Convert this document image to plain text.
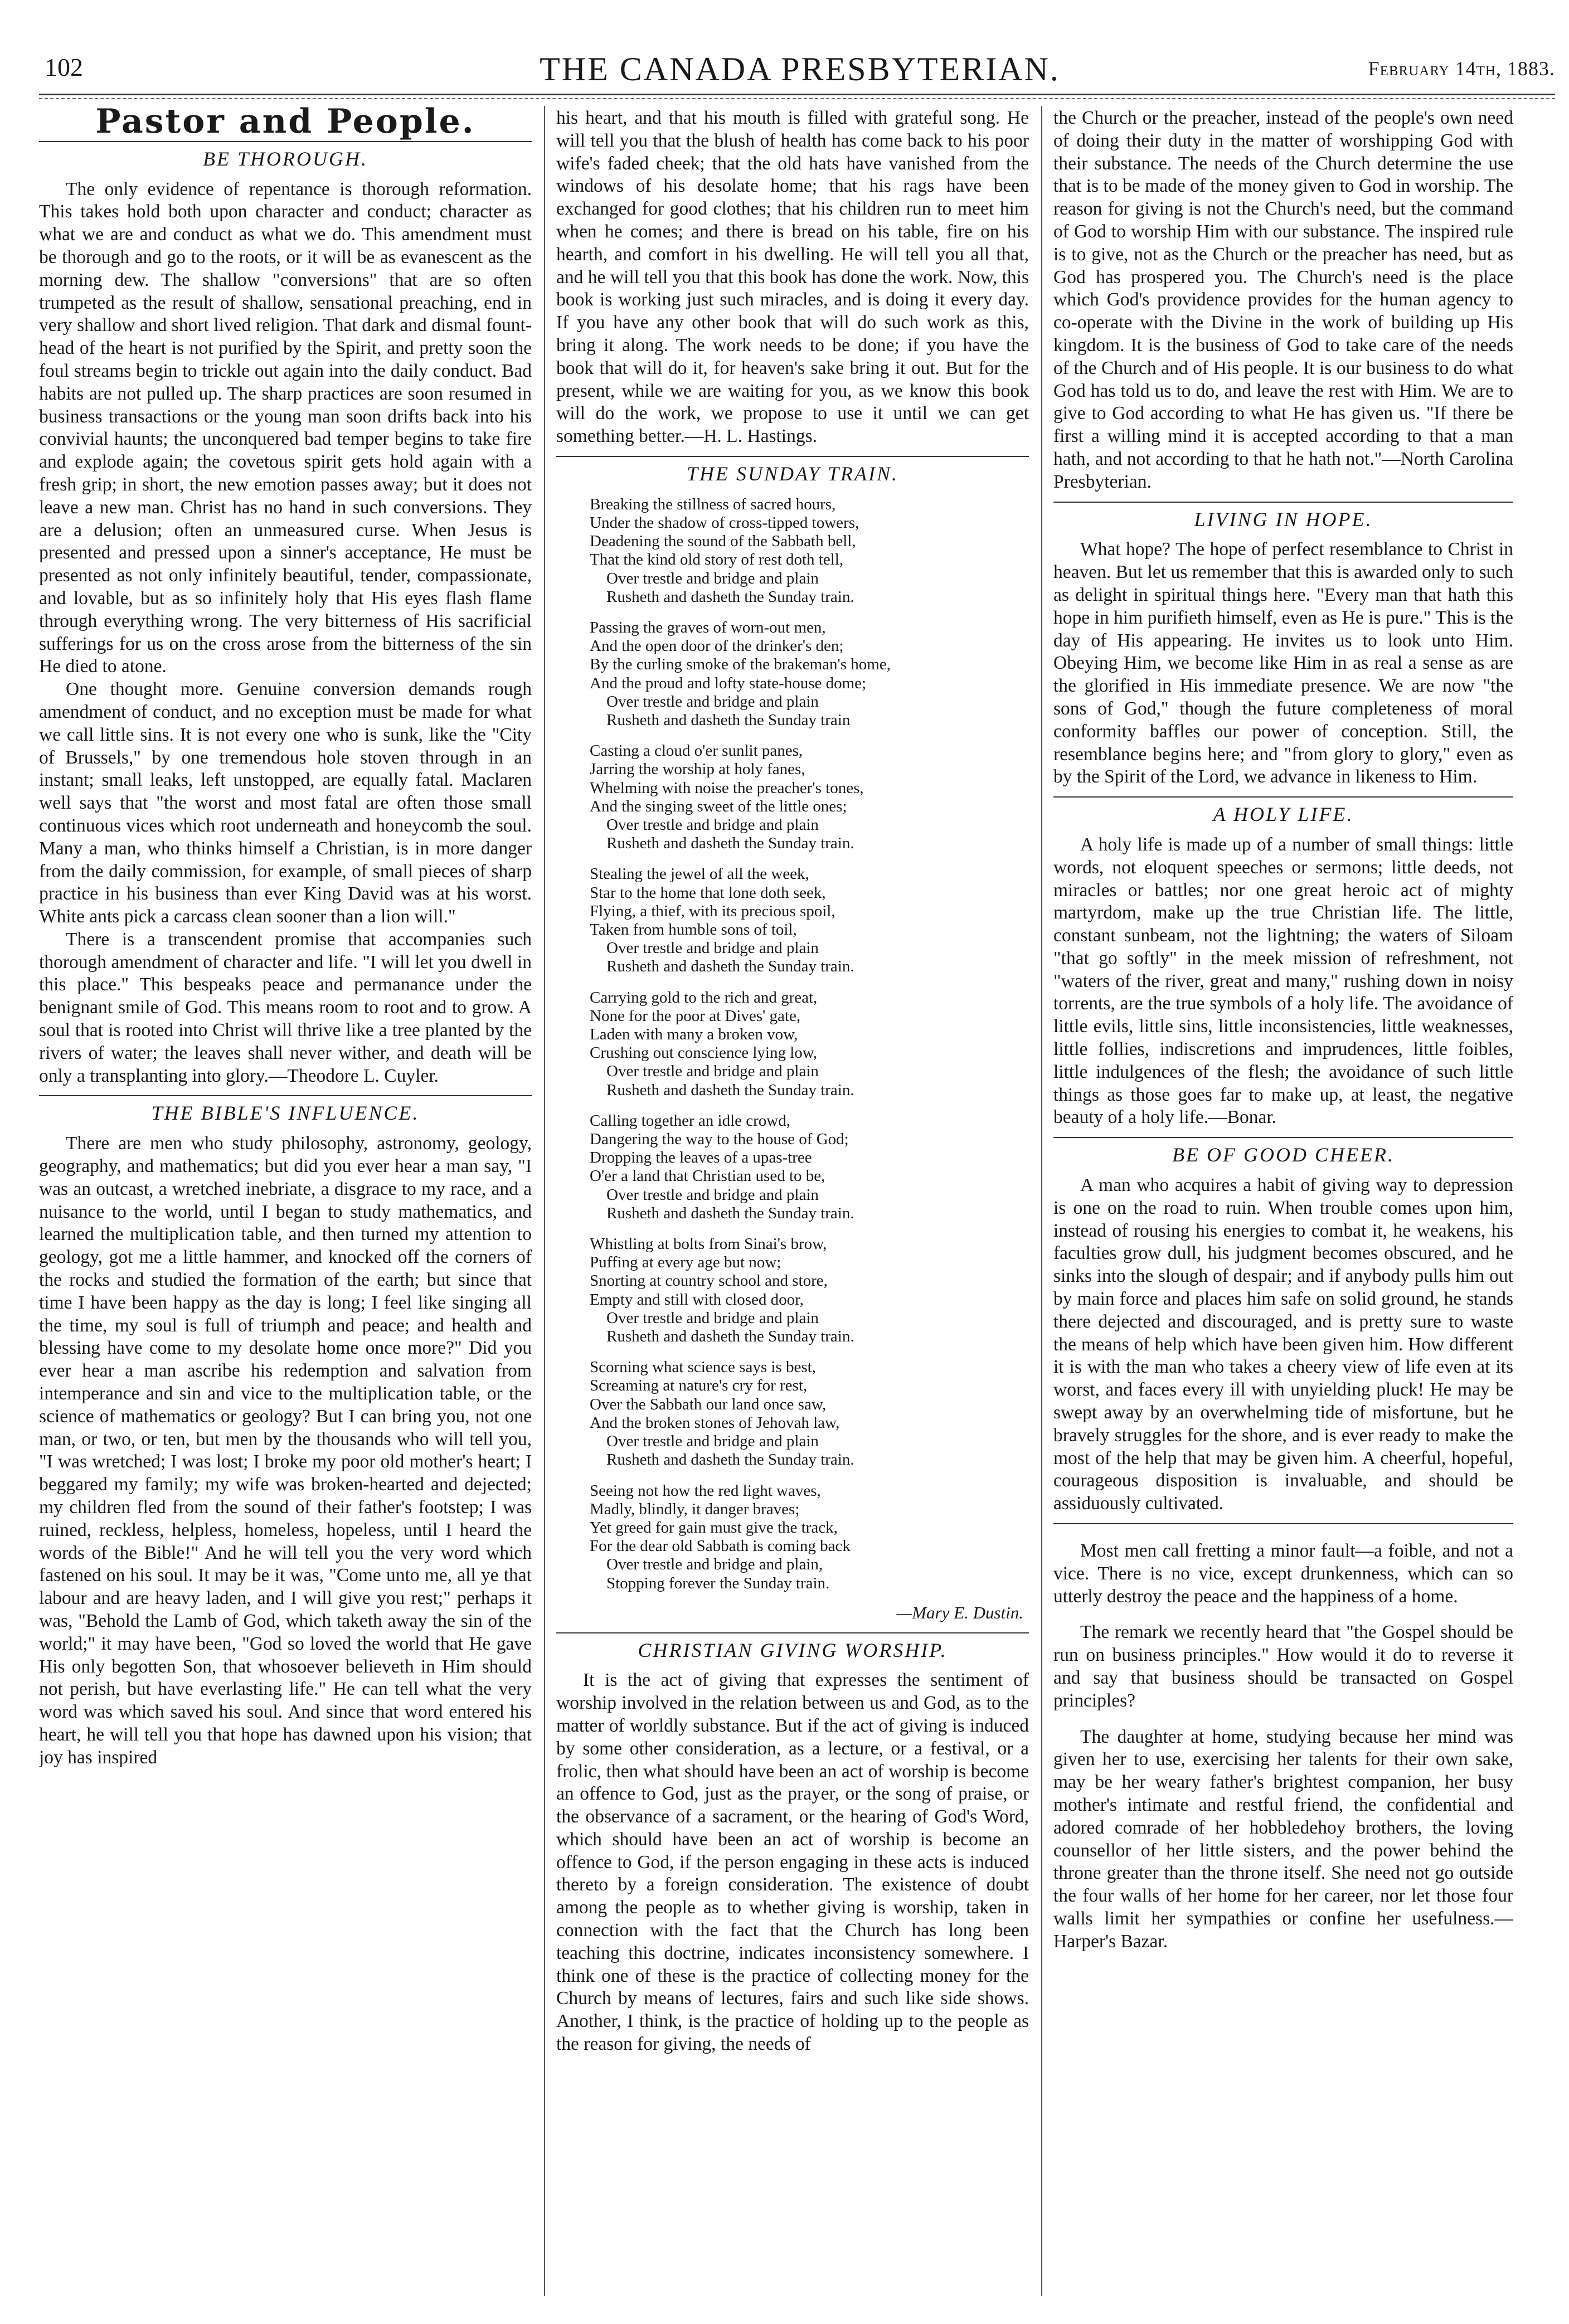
102	THE CANADA PRESBYTERIAN.	February 14th, 1883.
Pastor and People.
BE THOROUGH.

The only evidence of repentance is thorough reformation. This takes hold both upon character and conduct; character as what we are and conduct as what we do. This amendment must be thorough and go to the roots, or it will be as evanescent as the morning dew. The shallow "conversions" that are so often trumpeted as the result of shallow, sensational preaching, end in very shallow and short lived religion. That dark and dismal fount-head of the heart is not purified by the Spirit, and pretty soon the foul streams begin to trickle out again into the daily conduct. Bad habits are not pulled up. The sharp practices are soon resumed in business transactions or the young man soon drifts back into his convivial haunts; the unconquered bad temper begins to take fire and explode again; the covetous spirit gets hold again with a fresh grip; in short, the new emotion passes away; but it does not leave a new man. Christ has no hand in such conversions. They are a delusion; often an unmeasured curse. When Jesus is presented and pressed upon a sinner's acceptance, He must be presented as not only infinitely beautiful, tender, compassionate, and lovable, but as so infinitely holy that His eyes flash flame through everything wrong. The very bitterness of His sacrificial sufferings for us on the cross arose from the bitterness of the sin He died to atone.

One thought more. Genuine conversion demands rough amendment of conduct, and no exception must be made for what we call little sins. It is not every one who is sunk, like the "City of Brussels," by one tremendous hole stoven through in an instant; small leaks, left unstopped, are equally fatal. Maclaren well says that "the worst and most fatal are often those small continuous vices which root underneath and honeycomb the soul. Many a man, who thinks himself a Christian, is in more danger from the daily commission, for example, of small pieces of sharp practice in his business than ever King David was at his worst. White ants pick a carcass clean sooner than a lion will."

There is a transcendent promise that accompanies such thorough amendment of character and life. "I will let you dwell in this place." This bespeaks peace and permanance under the benignant smile of God. This means room to root and to grow. A soul that is rooted into Christ will thrive like a tree planted by the rivers of water; the leaves shall never wither, and death will be only a transplanting into glory.—Theodore L. Cuyler.

THE BIBLE'S INFLUENCE.

There are men who study philosophy, astronomy, geology, geography, and mathematics; but did you ever hear a man say, "I was an outcast, a wretched inebriate, a disgrace to my race, and a nuisance to the world, until I began to study mathematics, and learned the multiplication table, and then turned my attention to geology, got me a little hammer, and knocked off the corners of the rocks and studied the formation of the earth; but since that time I have been happy as the day is long; I feel like singing all the time, my soul is full of triumph and peace; and health and blessing have come to my desolate home once more?" Did you ever hear a man ascribe his redemption and salvation from intemperance and sin and vice to the multiplication table, or the science of mathematics or geology? But I can bring you, not one man, or two, or ten, but men by the thousands who will tell you, "I was wretched; I was lost; I broke my poor old mother's heart; I beggared my family; my wife was broken-hearted and dejected; my children fled from the sound of their father's footstep; I was ruined, reckless, helpless, homeless, hopeless, until I heard the words of the Bible!" And he will tell you the very word which fastened on his soul. It may be it was, "Come unto me, all ye that labour and are heavy laden, and I will give you rest;" perhaps it was, "Behold the Lamb of God, which taketh away the sin of the world;" it may have been, "God so loved the world that He gave His only begotten Son, that whosoever believeth in Him should not perish, but have everlasting life." He can tell what the very word was which saved his soul. And since that word entered his heart, he will tell you that hope has dawned upon his vision; that joy has inspired

his heart, and that his mouth is filled with grateful song. He will tell you that the blush of health has come back to his poor wife's faded cheek; that the old hats have vanished from the windows of his desolate home; that his rags have been exchanged for good clothes; that his children run to meet him when he comes; and there is bread on his table, fire on his hearth, and comfort in his dwelling. He will tell you all that, and he will tell you that this book has done the work. Now, this book is working just such miracles, and is doing it every day. If you have any other book that will do such work as this, bring it along. The work needs to be done; if you have the book that will do it, for heaven's sake bring it out. But for the present, while we are waiting for you, as we know this book will do the work, we propose to use it until we can get something better.—H. L. Hastings.

THE SUNDAY TRAIN.
Breaking the stillness of sacred hours,
Under the shadow of cross-tipped towers,
Deadening the sound of the Sabbath bell,
That the kind old story of rest doth tell,
Over trestle and bridge and plain
Rusheth and dasheth the Sunday train.
Passing the graves of worn-out men,
And the open door of the drinker's den;
By the curling smoke of the brakeman's home,
And the proud and lofty state-house dome;
Over trestle and bridge and plain
Rusheth and dasheth the Sunday train
Casting a cloud o'er sunlit panes,
Jarring the worship at holy fanes,
Whelming with noise the preacher's tones,
And the singing sweet of the little ones;
Over trestle and bridge and plain
Rusheth and dasheth the Sunday train.
Stealing the jewel of all the week,
Star to the home that lone doth seek,
Flying, a thief, with its precious spoil,
Taken from humble sons of toil,
Over trestle and bridge and plain
Rusheth and dasheth the Sunday train.
Carrying gold to the rich and great,
None for the poor at Dives' gate,
Laden with many a broken vow,
Crushing out conscience lying low,
Over trestle and bridge and plain
Rusheth and dasheth the Sunday train.
Calling together an idle crowd,
Dangering the way to the house of God;
Dropping the leaves of a upas-tree
O'er a land that Christian used to be,
Over trestle and bridge and plain
Rusheth and dasheth the Sunday train.
Whistling at bolts from Sinai's brow,
Puffing at every age but now;
Snorting at country school and store,
Empty and still with closed door,
Over trestle and bridge and plain
Rusheth and dasheth the Sunday train.
Scorning what science says is best,
Screaming at nature's cry for rest,
Over the Sabbath our land once saw,
And the broken stones of Jehovah law,
Over trestle and bridge and plain
Rusheth and dasheth the Sunday train.
Seeing not how the red light waves,
Madly, blindly, it danger braves;
Yet greed for gain must give the track,
For the dear old Sabbath is coming back
Over trestle and bridge and plain,
Stopping forever the Sunday train.
—Mary E. Dustin.
CHRISTIAN GIVING WORSHIP.

It is the act of giving that expresses the sentiment of worship involved in the relation between us and God, as to the matter of worldly substance. But if the act of giving is induced by some other consideration, as a lecture, or a festival, or a frolic, then what should have been an act of worship is become an offence to God, just as the prayer, or the song of praise, or the observance of a sacrament, or the hearing of God's Word, which should have been an act of worship is become an offence to God, if the person engaging in these acts is induced thereto by a foreign consideration. The existence of doubt among the people as to whether giving is worship, taken in connection with the fact that the Church has long been teaching this doctrine, indicates inconsistency somewhere. I think one of these is the practice of collecting money for the Church by means of lectures, fairs and such like side shows. Another, I think, is the practice of holding up to the people as the reason for giving, the needs of

the Church or the preacher, instead of the people's own need of doing their duty in the matter of worshipping God with their substance. The needs of the Church determine the use that is to be made of the money given to God in worship. The reason for giving is not the Church's need, but the command of God to worship Him with our substance. The inspired rule is to give, not as the Church or the preacher has need, but as God has prospered you. The Church's need is the place which God's providence provides for the human agency to co-operate with the Divine in the work of building up His kingdom. It is the business of God to take care of the needs of the Church and of His people. It is our business to do what God has told us to do, and leave the rest with Him. We are to give to God according to what He has given us. "If there be first a willing mind it is accepted according to that a man hath, and not according to that he hath not."—North Carolina Presbyterian.

LIVING IN HOPE.

What hope? The hope of perfect resemblance to Christ in heaven. But let us remember that this is awarded only to such as delight in spiritual things here. "Every man that hath this hope in him purifieth himself, even as He is pure." This is the day of His appearing. He invites us to look unto Him. Obeying Him, we become like Him in as real a sense as are the glorified in His immediate presence. We are now "the sons of God," though the future completeness of moral conformity baffles our power of conception. Still, the resemblance begins here; and "from glory to glory," even as by the Spirit of the Lord, we advance in likeness to Him.

A HOLY LIFE.

A holy life is made up of a number of small things: little words, not eloquent speeches or sermons; little deeds, not miracles or battles; nor one great heroic act of mighty martyrdom, make up the true Christian life. The little, constant sunbeam, not the lightning; the waters of Siloam "that go softly" in the meek mission of refreshment, not "waters of the river, great and many," rushing down in noisy torrents, are the true symbols of a holy life. The avoidance of little evils, little sins, little inconsistencies, little weaknesses, little follies, indiscretions and imprudences, little foibles, little indulgences of the flesh; the avoidance of such little things as those goes far to make up, at least, the negative beauty of a holy life.—Bonar.

BE OF GOOD CHEER.

A man who acquires a habit of giving way to depression is one on the road to ruin. When trouble comes upon him, instead of rousing his energies to combat it, he weakens, his faculties grow dull, his judgment becomes obscured, and he sinks into the slough of despair; and if anybody pulls him out by main force and places him safe on solid ground, he stands there dejected and discouraged, and is pretty sure to waste the means of help which have been given him. How different it is with the man who takes a cheery view of life even at its worst, and faces every ill with unyielding pluck! He may be swept away by an overwhelming tide of misfortune, but he bravely struggles for the shore, and is ever ready to make the most of the help that may be given him. A cheerful, hopeful, courageous disposition is invaluable, and should be assiduously cultivated.

Most men call fretting a minor fault—a foible, and not a vice. There is no vice, except drunkenness, which can so utterly destroy the peace and the happiness of a home.

The remark we recently heard that "the Gospel should be run on business principles." How would it do to reverse it and say that business should be transacted on Gospel principles?

The daughter at home, studying because her mind was given her to use, exercising her talents for their own sake, may be her weary father's brightest companion, her busy mother's intimate and restful friend, the confidential and adored comrade of her hobbledehoy brothers, the loving counsellor of her little sisters, and the power behind the throne greater than the throne itself. She need not go outside the four walls of her home for her career, nor let those four walls limit her sympathies or confine her usefulness.—Harper's Bazar.
